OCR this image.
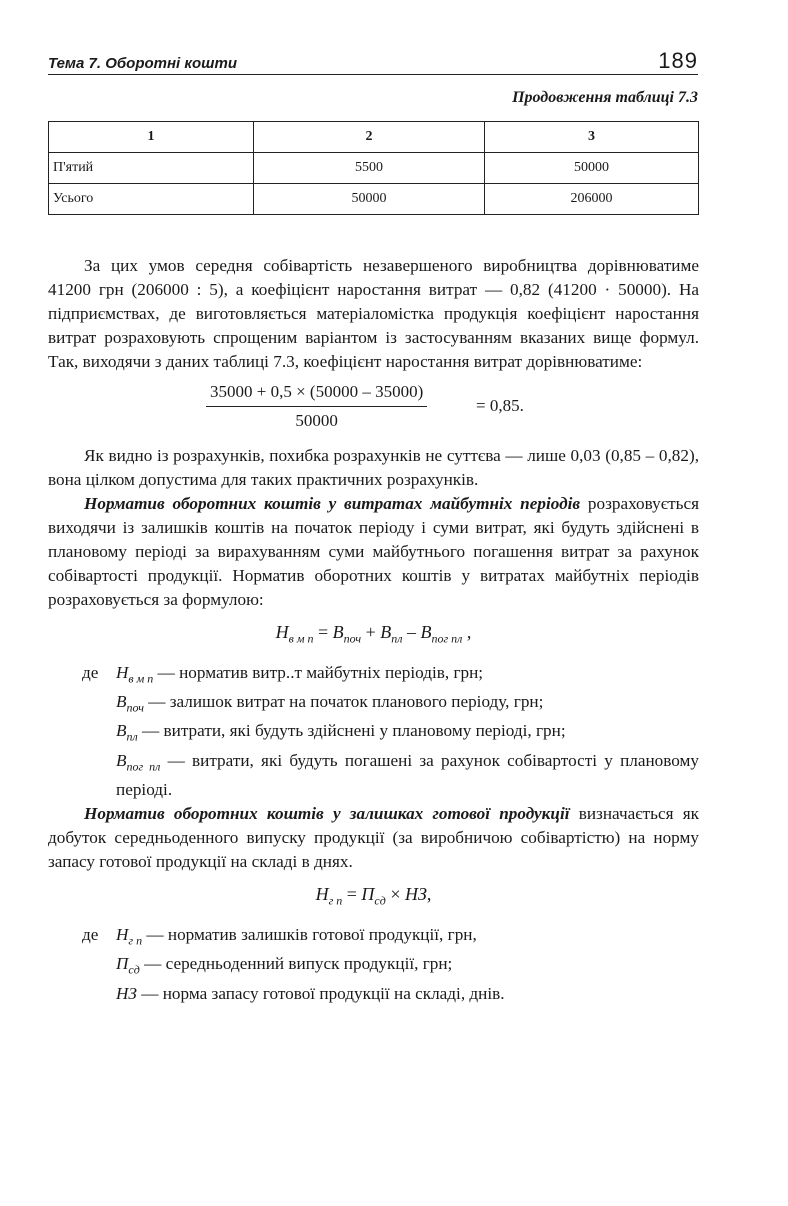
Тема 7. Оборотні кошти	189
Продовження таблиці 7.3
1	2	3
П'ятий	5500	50000
Усього	50000	206000

За цих умов середня собівартість незавершеного виробництва дорівнюватиме 41200 грн (206000 : 5), а коефіцієнт наростання витрат — 0,82 (41200 · 50000). На підприємствах, де виготовляється матеріаломістка продукція коефіцієнт наростання витрат розраховують спрощеним варіантом із застосуванням вказаних вище формул. Так, виходячи з даних таблиці 7.3, коефіцієнт наростання витрат дорівнюватиме:

$\frac{35000 + 0,5 \times (50000 - 35000)}{50000}$	= 0,85.

Як видно із розрахунків, похибка розрахунків не суттєва — лише 0,03 (0,85 – 0,82), вона цілком допустима для таких практичних розрахунків.

Норматив оборотних коштів у витратах майбутніх періодів розраховується виходячи із залишків коштів на початок періоду і суми витрат, які будуть здійснені в плановому періоді за вирахуванням суми майбутнього погашення витрат за рахунок собівартості продукції. Норматив оборотних коштів у витратах майбутніх періодів розраховується за формулою:

$Н_{в м п} = В_{поч} + В_{пл} - В_{пог пл}$ ,
де $Н_{в м п}$ — норматив витр..т майбутніх періодів, грн;
$В_{поч}$ — залишок витрат на початок планового періоду, грн;
$В_{пл}$ — витрати, які будуть здійснені у плановому періоді, грн;
$В_{пог пл}$ — витрати, які будуть погашені за рахунок собівартості у плановому періоді.

Норматив оборотних коштів у залишках готової продукції визначається як добуток середньоденного випуску продукції (за виробничою собівартістю) на норму запасу готової продукції на складі в днях.

$Н_{г п} = П_{сд}$ × НЗ,
де $Н_{г п}$ — норматив залишків готової продукції, грн,
$П_{сд}$ — середньоденний випуск продукції, грн;
НЗ — норма запасу готової продукції на складі, днів.
